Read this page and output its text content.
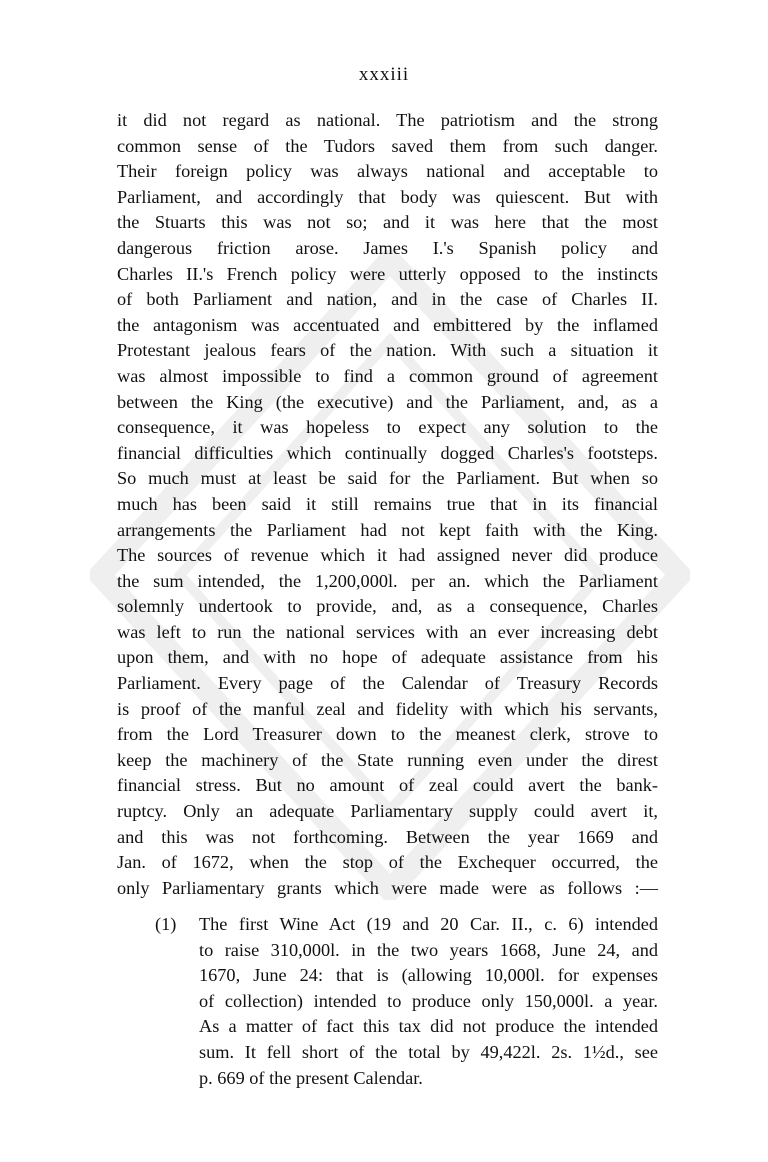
xxxiii
it did not regard as national. The patriotism and the strong
common sense of the Tudors saved them from such danger.
Their foreign policy was always national and acceptable to
Parliament, and accordingly that body was quiescent. But with
the Stuarts this was not so; and it was here that the most
dangerous friction arose. James I.'s Spanish policy and
Charles II.'s French policy were utterly opposed to the instincts
of both Parliament and nation, and in the case of Charles II.
the antagonism was accentuated and embittered by the inflamed
Protestant jealous fears of the nation. With such a situation it
was almost impossible to find a common ground of agreement
between the King (the executive) and the Parliament, and, as a
consequence, it was hopeless to expect any solution to the
financial difficulties which continually dogged Charles's footsteps.
So much must at least be said for the Parliament. But when so
much has been said it still remains true that in its financial
arrangements the Parliament had not kept faith with the King.
The sources of revenue which it had assigned never did produce
the sum intended, the 1,200,000l. per an. which the Parliament
solemnly undertook to provide, and, as a consequence, Charles
was left to run the national services with an ever increasing debt
upon them, and with no hope of adequate assistance from his
Parliament. Every page of the Calendar of Treasury Records
is proof of the manful zeal and fidelity with which his servants,
from the Lord Treasurer down to the meanest clerk, strove to
keep the machinery of the State running even under the direst
financial stress. But no amount of zeal could avert the bank-
ruptcy. Only an adequate Parliamentary supply could avert it,
and this was not forthcoming. Between the year 1669 and
Jan. of 1672, when the stop of the Exchequer occurred, the
only Parliamentary grants which were made were as follows :—
(1)	The first Wine Act (19 and 20 Car. II., c. 6) intended
to raise 310,000l. in the two years 1668, June 24, and
1670, June 24: that is (allowing 10,000l. for expenses
of collection) intended to produce only 150,000l. a year.
As a matter of fact this tax did not produce the intended
sum. It fell short of the total by 49,422l. 2s. 1½d., see
p. 669 of the present Calendar.
